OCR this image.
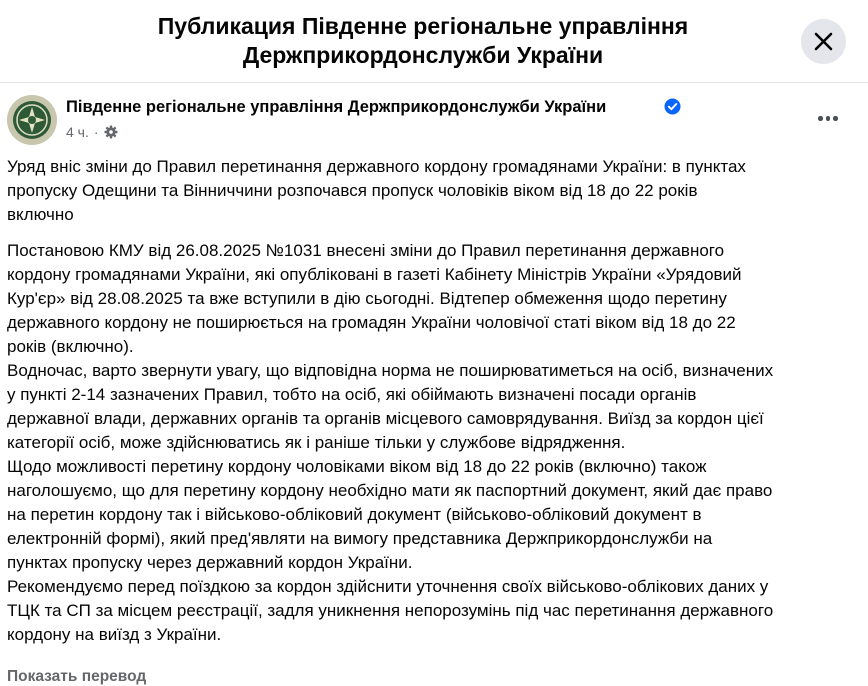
Публикация Південне регіональне управління Держприкордонслужби України
Південне регіональне управління Держприкордонслужби України
4 ч. ·

Уряд вніс зміни до Правил перетинання державного кордону громадянами України: в пунктах
пропуску Одещини та Вінниччини розпочався пропуск чоловіків віком від 18 до 22 років
включно

Постановою КМУ від 26.08.2025 №1031 внесені зміни до Правил перетинання державного
кордону громадянами України, які опубліковані в газеті Кабінету Міністрів України «Урядовий
Кур'єр» від 28.08.2025 та вже вступили в дію сьогодні. Відтепер обмеження щодо перетину
державного кордону не поширюється на громадян України чоловічої статі віком від 18 до 22
років (включно).
Водночас, варто звернути увагу, що відповідна норма не поширюватиметься на осіб, визначених
у пункті 2-14 зазначених Правил, тобто на осіб, які обіймають визначені посади органів
державної влади, державних органів та органів місцевого самоврядування. Виїзд за кордон цієї
категорії осіб, може здійснюватись як і раніше тільки у службове відрядження.
Щодо можливості перетину кордону чоловіками віком від 18 до 22 років (включно) також
наголошуємо, що для перетину кордону необхідно мати як паспортний документ, який дає право
на перетин кордону так і військово-обліковий документ (військово-обліковий документ в
електронній формі), який пред'являти на вимогу представника Держприкордонслужби на
пунктах пропуску через державний кордон України.
Рекомендуємо перед поїздкою за кордон здійснити уточнення своїх військово-облікових даних у
ТЦК та СП за місцем реєстрації, задля уникнення непорозумінь під час перетинання державного
кордону на виїзд з України.

Показать перевод
